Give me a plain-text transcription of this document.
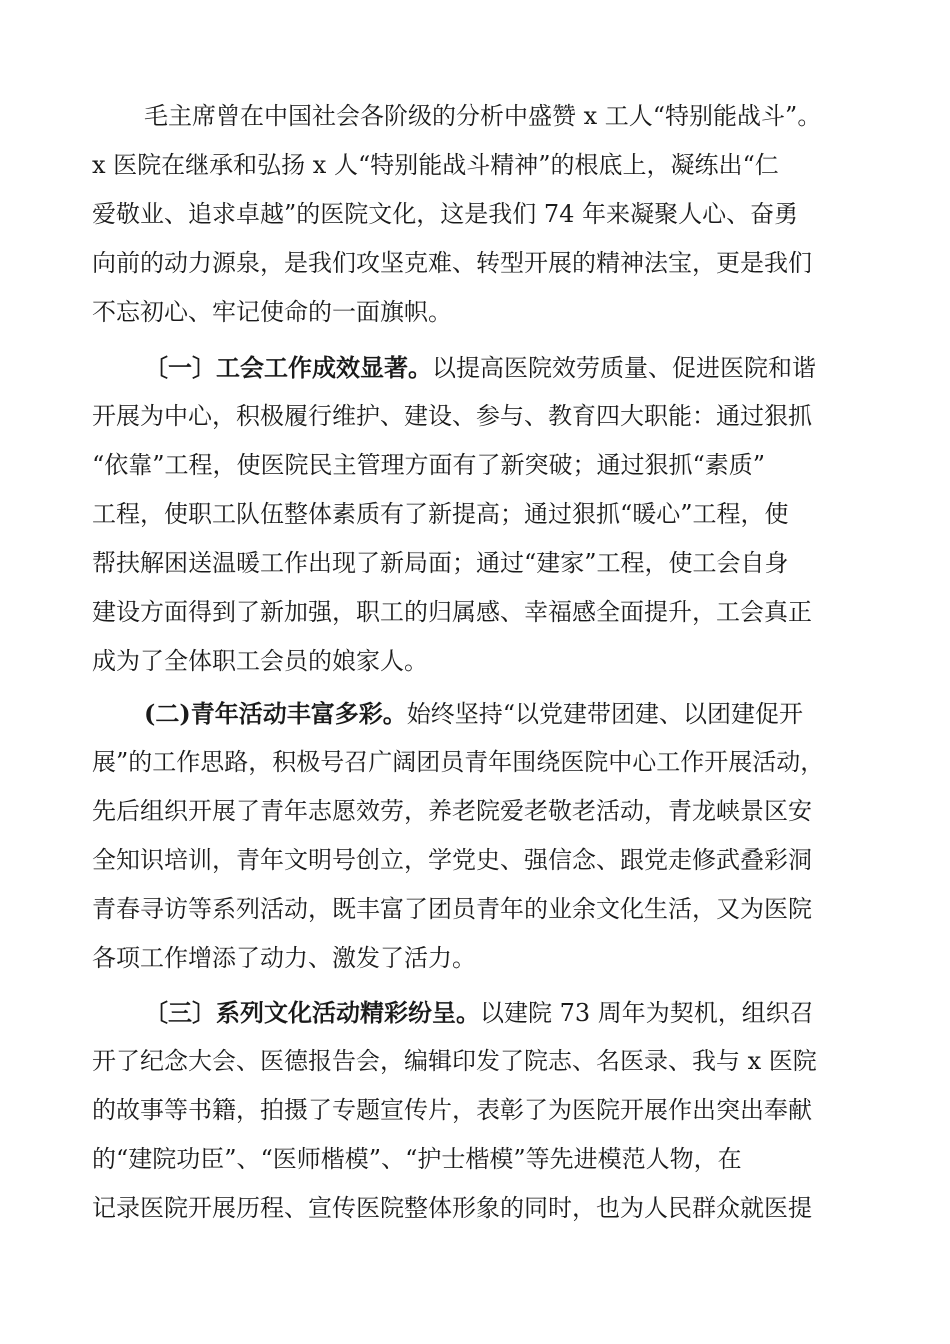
毛主席曾在中国社会各阶级的分析中盛赞 x 工人“特别能战斗”。
x 医院在继承和弘扬 x 人“特别能战斗精神”的根底上，凝练出“仁
爱敬业、追求卓越”的医院文化，这是我们 74 年来凝聚人心、奋勇
向前的动力源泉，是我们攻坚克难、转型开展的精神法宝，更是我们
不忘初心、牢记使命的一面旗帜。
〔一〕工会工作成效显著。以提高医院效劳质量、促进医院和谐
开展为中心，积极履行维护、建设、参与、教育四大职能：通过狠抓
“依靠”工程，使医院民主管理方面有了新突破；通过狠抓“素质”
工程，使职工队伍整体素质有了新提高；通过狠抓“暖心”工程，使
帮扶解困送温暖工作出现了新局面；通过“建家”工程，使工会自身
建设方面得到了新加强，职工的归属感、幸福感全面提升，工会真正
成为了全体职工会员的娘家人。
(二)青年活动丰富多彩。始终坚持“以党建带团建、以团建促开
展”的工作思路，积极号召广阔团员青年围绕医院中心工作开展活动，
先后组织开展了青年志愿效劳，养老院爱老敬老活动，青龙峡景区安
全知识培训，青年文明号创立，学党史、强信念、跟党走修武叠彩洞
青春寻访等系列活动，既丰富了团员青年的业余文化生活，又为医院
各项工作增添了动力、激发了活力。
〔三〕系列文化活动精彩纷呈。以建院 73 周年为契机，组织召
开了纪念大会、医德报告会，编辑印发了院志、名医录、我与 x 医院
的故事等书籍，拍摄了专题宣传片，表彰了为医院开展作出突出奉献
的“建院功臣”、“医师楷模”、“护士楷模”等先进模范人物，在
记录医院开展历程、宣传医院整体形象的同时，也为人民群众就医提
